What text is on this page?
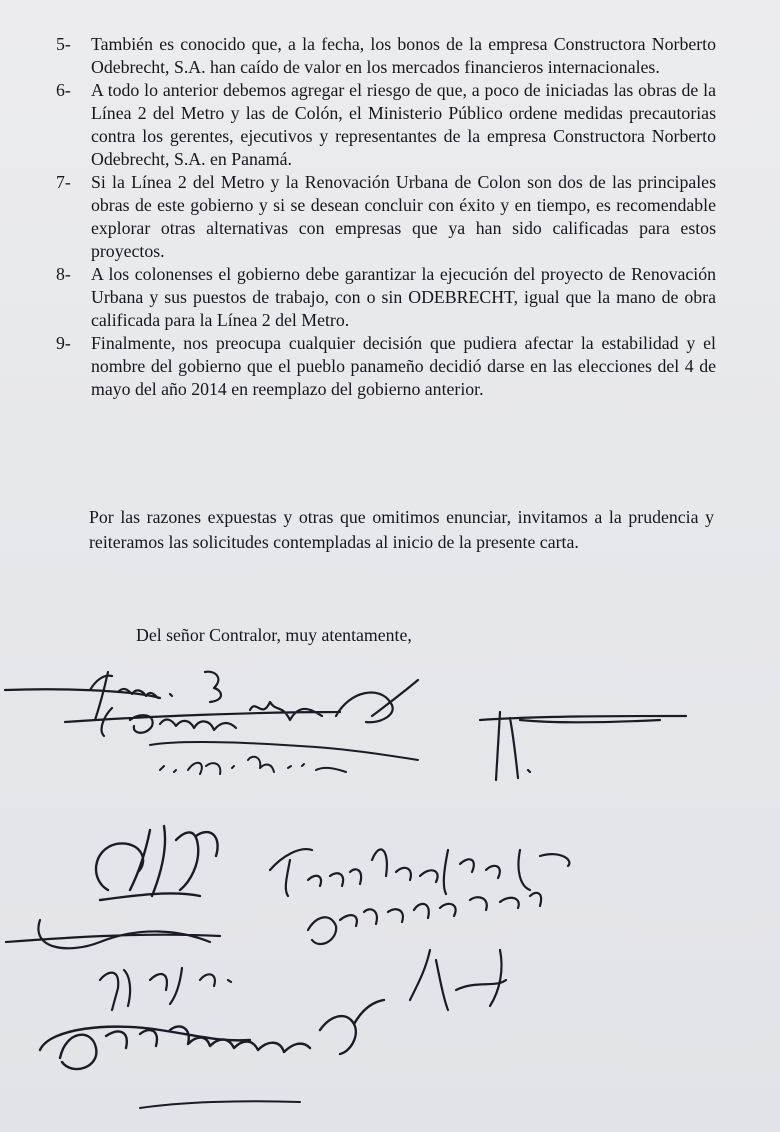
5-	También es conocido que, a la fecha, los bonos de la empresa Constructora Norberto Odebrecht, S.A. han caído de valor en los mercados financieros internacionales.
6-	A todo lo anterior debemos agregar el riesgo de que, a poco de iniciadas las obras de la Línea 2 del Metro y las de Colón, el Ministerio Público ordene medidas precautorias contra los gerentes, ejecutivos y representantes de la empresa Constructora Norberto Odebrecht, S.A. en Panamá.
7-	Si la Línea 2 del Metro y la Renovación Urbana de Colon son dos de las principales obras de este gobierno y si se desean concluir con éxito y en tiempo, es recomendable explorar otras alternativas con empresas que ya han sido calificadas para estos proyectos.
8-	A los colonenses el gobierno debe garantizar la ejecución del proyecto de Renovación Urbana y sus puestos de trabajo, con o sin ODEBRECHT, igual que la mano de obra calificada para la Línea 2 del Metro.
9-	Finalmente, nos preocupa cualquier decisión que pudiera afectar la estabilidad y el nombre del gobierno que el pueblo panameño decidió darse en las elecciones del 4 de mayo del año 2014 en reemplazo del gobierno anterior.

Por las razones expuestas y otras que omitimos enunciar, invitamos a la prudencia y reiteramos las solicitudes contempladas al inicio de la presente carta.

Del señor Contralor, muy atentamente,
